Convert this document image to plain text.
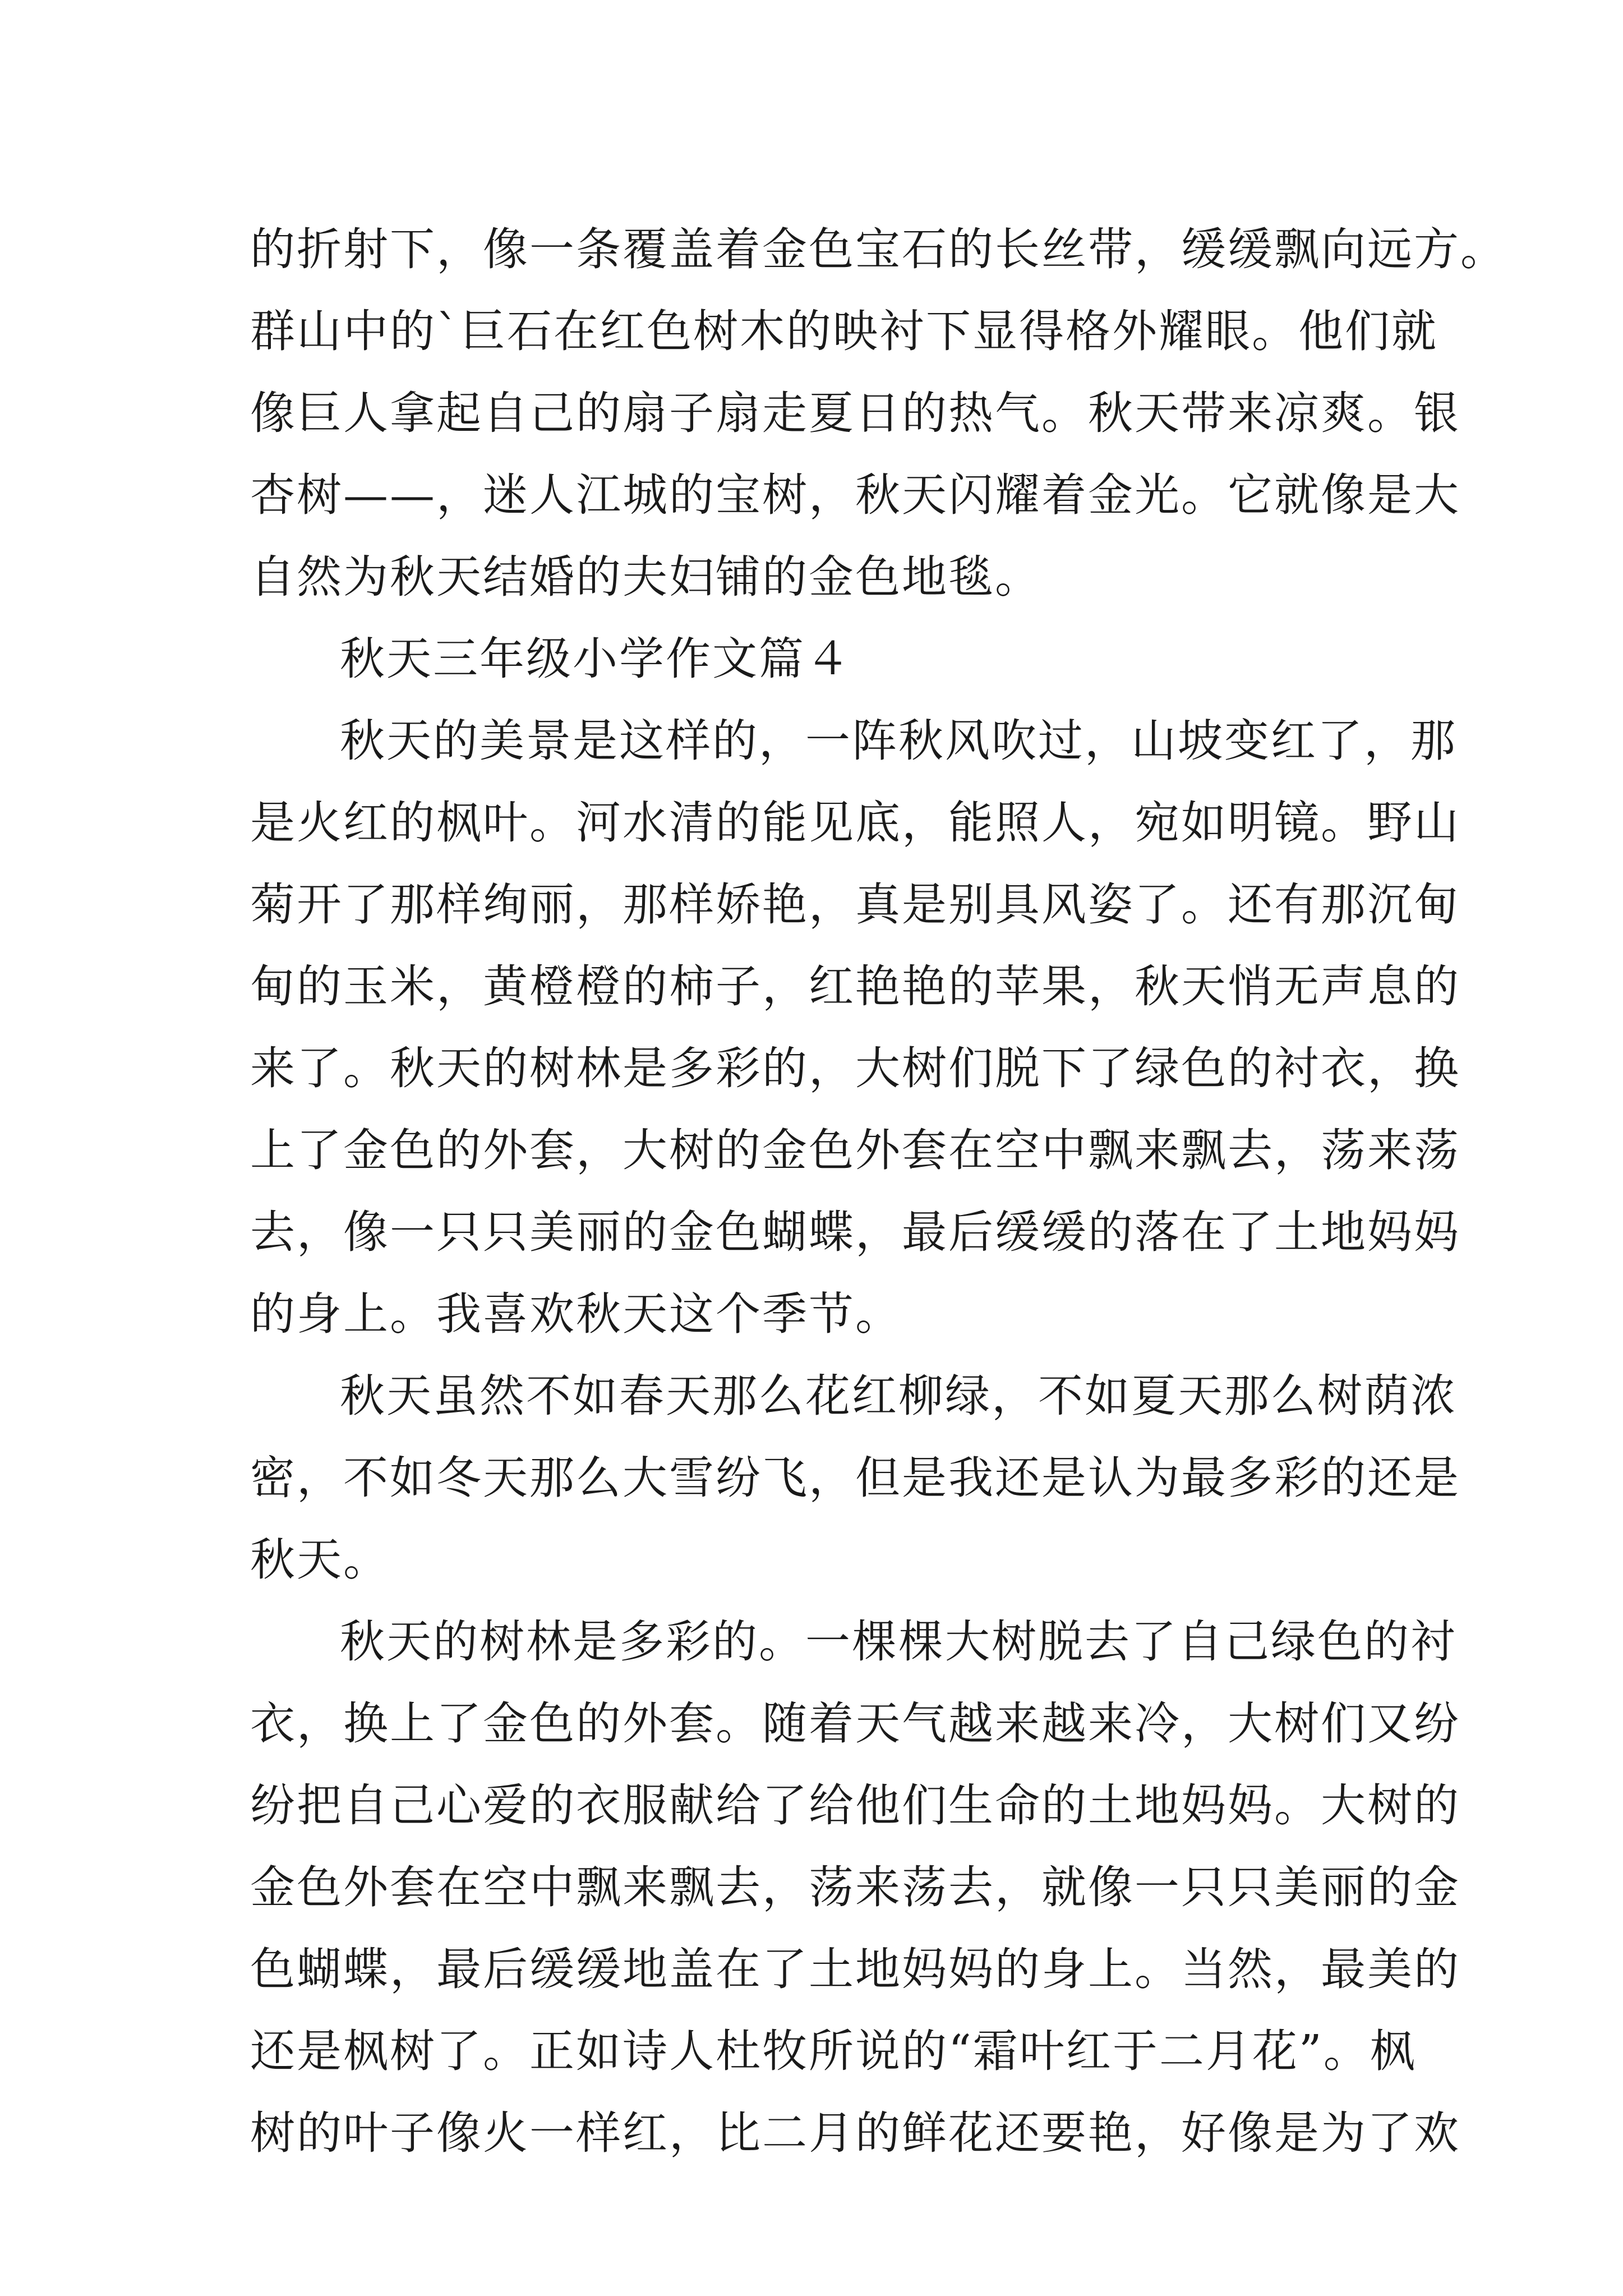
的折射下，像一条覆盖着金色宝石的长丝带，缓缓飘向远方。
群山中的`巨石在红色树木的映衬下显得格外耀眼。他们就
像巨人拿起自己的扇子扇走夏日的热气。秋天带来凉爽。银
杏树——，迷人江城的宝树，秋天闪耀着金光。它就像是大
自然为秋天结婚的夫妇铺的金色地毯。
秋天三年级小学作文篇４
秋天的美景是这样的，一阵秋风吹过，山坡变红了，那
是火红的枫叶。河水清的能见底，能照人，宛如明镜。野山
菊开了那样绚丽，那样娇艳，真是别具风姿了。还有那沉甸
甸的玉米，黄橙橙的柿子，红艳艳的苹果，秋天悄无声息的
来了。秋天的树林是多彩的，大树们脱下了绿色的衬衣，换
上了金色的外套，大树的金色外套在空中飘来飘去，荡来荡
去，像一只只美丽的金色蝴蝶，最后缓缓的落在了土地妈妈
的身上。我喜欢秋天这个季节。
秋天虽然不如春天那么花红柳绿，不如夏天那么树荫浓
密，不如冬天那么大雪纷飞，但是我还是认为最多彩的还是
秋天。
秋天的树林是多彩的。一棵棵大树脱去了自己绿色的衬
衣，换上了金色的外套。随着天气越来越来冷，大树们又纷
纷把自己心爱的衣服献给了给他们生命的土地妈妈。大树的
金色外套在空中飘来飘去，荡来荡去，就像一只只美丽的金
色蝴蝶，最后缓缓地盖在了土地妈妈的身上。当然，最美的
还是枫树了。正如诗人杜牧所说的“霜叶红于二月花”。枫
树的叶子像火一样红，比二月的鲜花还要艳，好像是为了欢
